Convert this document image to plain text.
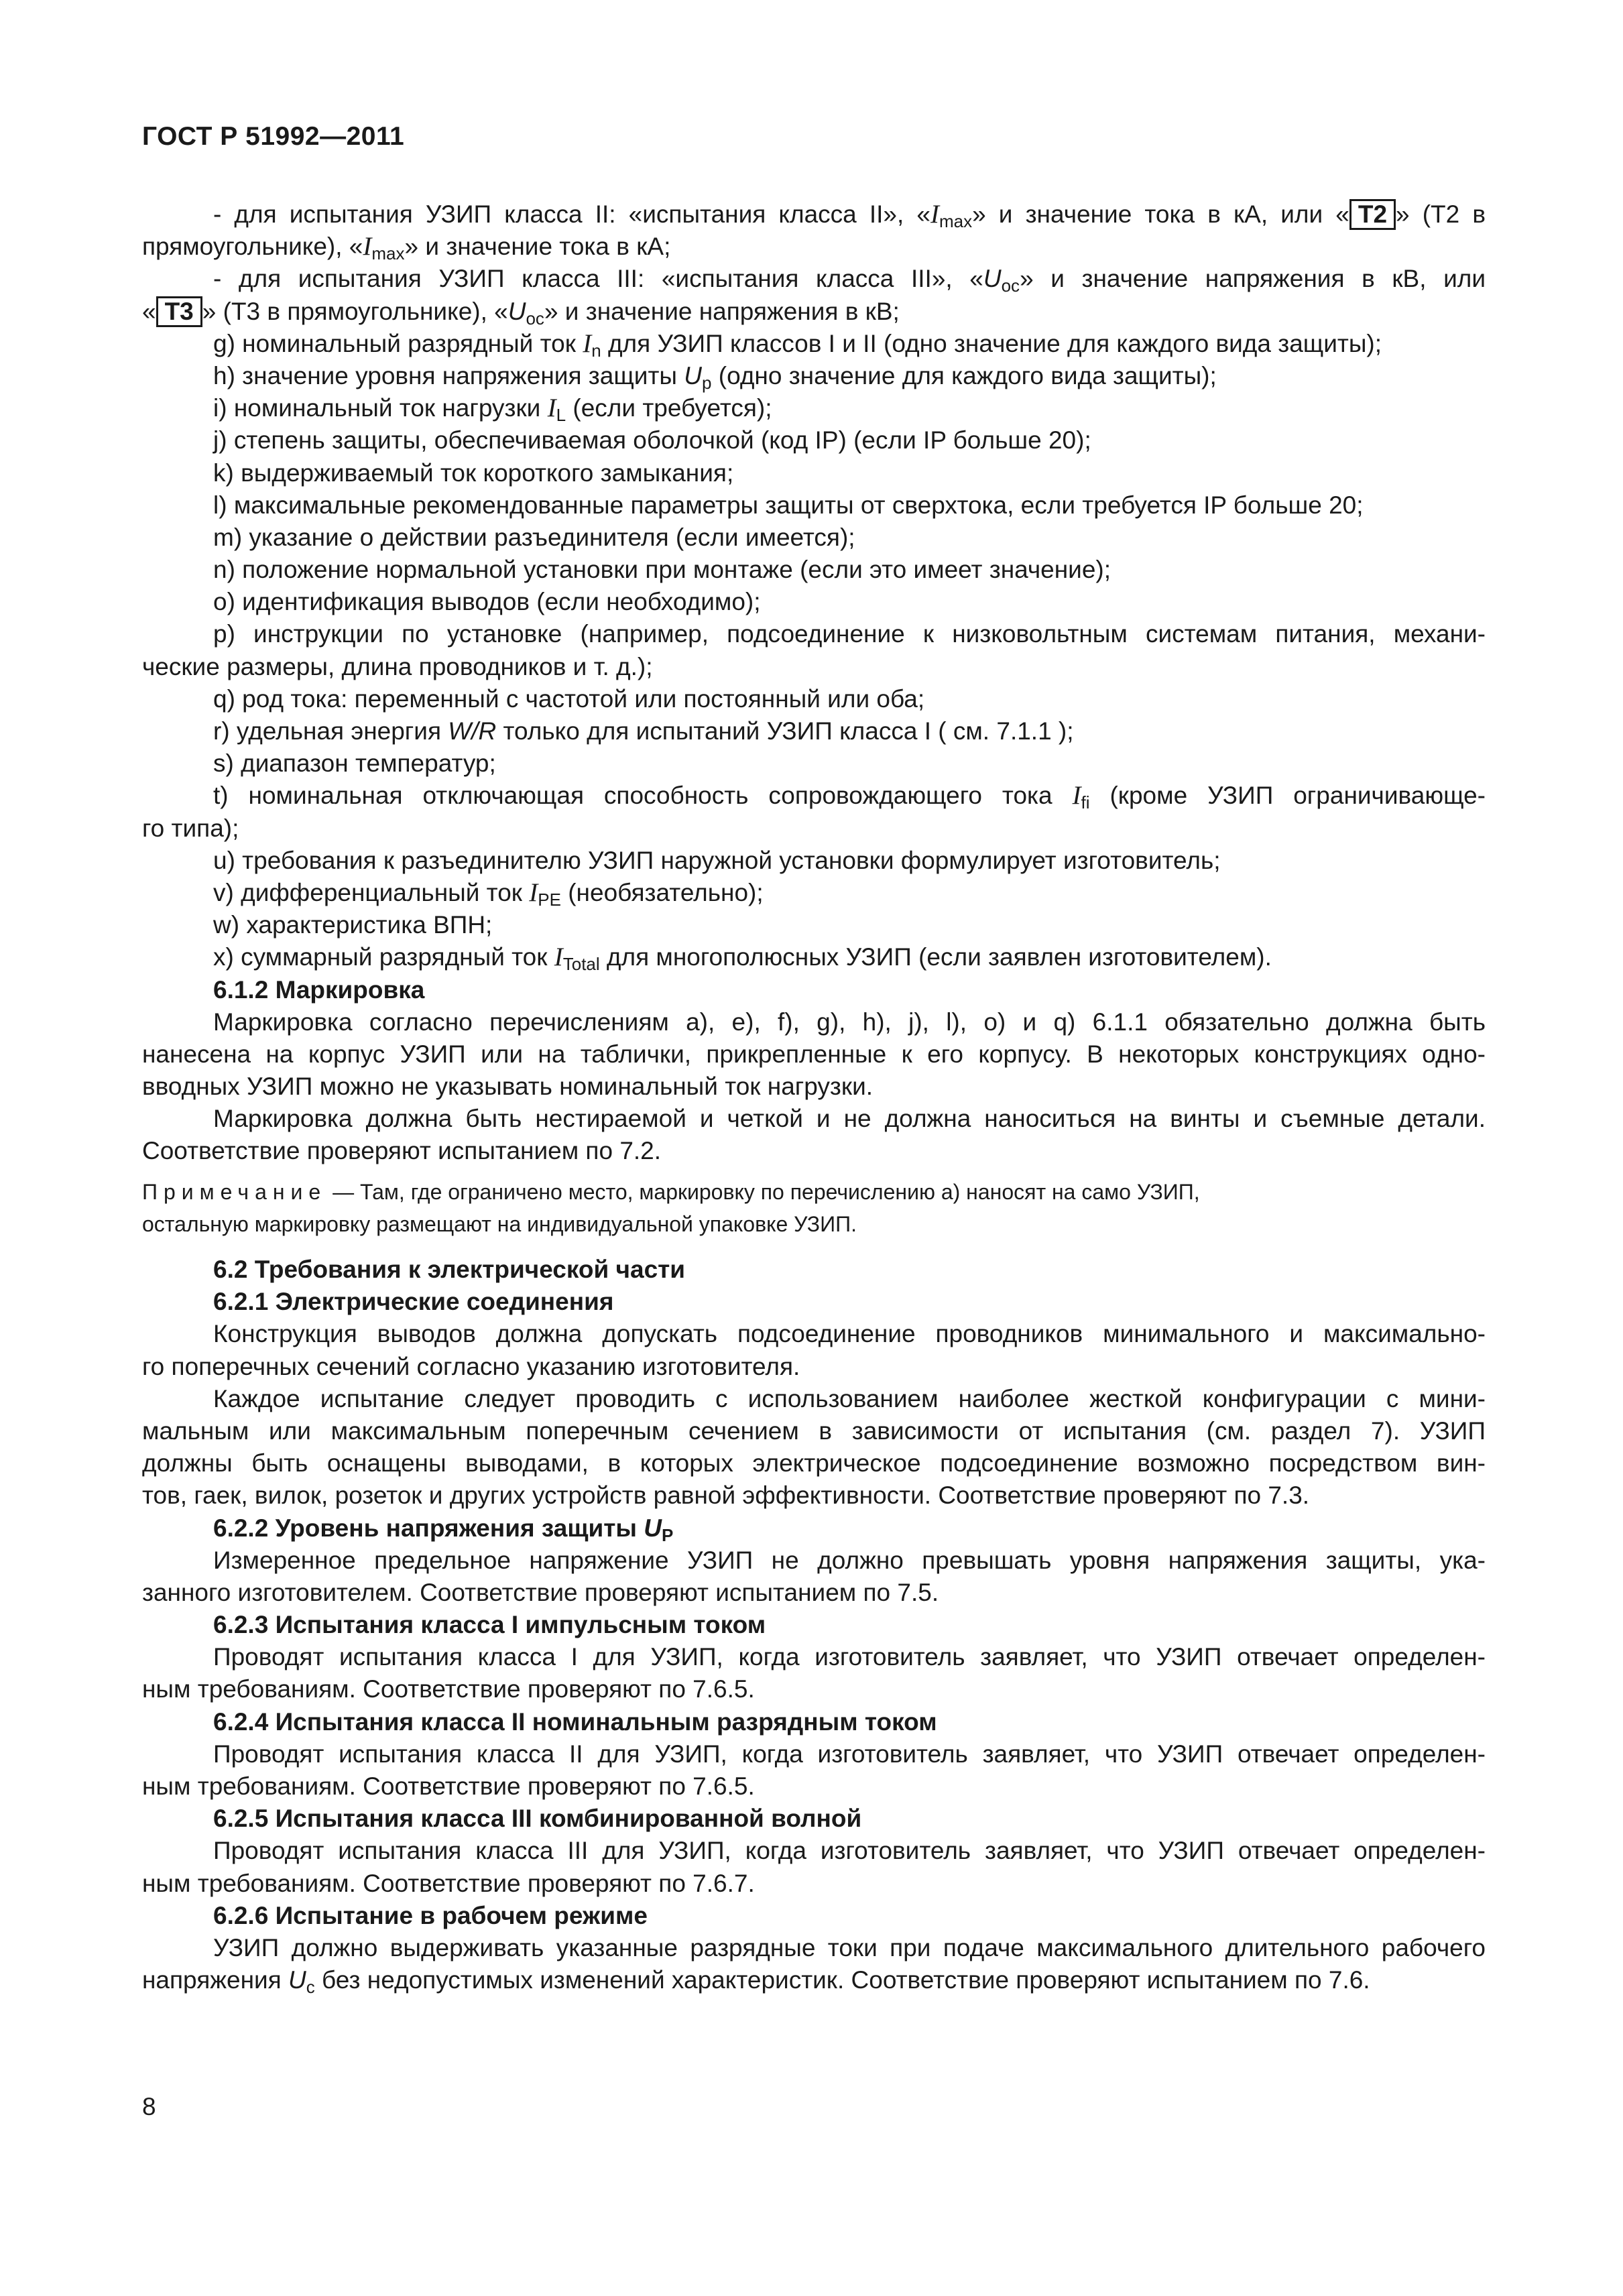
ГОСТ Р 51992—2011
- для испытания УЗИП класса II: «испытания класса II», «$I_{max}$» и значение тока в кА, или « T2 » (T2 в
прямоугольнике), «$I_{max}$» и значение тока в кА;
- для испытания УЗИП класса III: «испытания класса III», «$U_{oc}$» и значение напряжения в кВ, или
« T3 » (Т3 в прямоугольнике), «$U_{oc}$» и значение напряжения в кВ;
g) номинальный разрядный ток $I_n$ для УЗИП классов I и II (одно значение для каждого вида защиты);
h) значение уровня напряжения защиты $U_p$ (одно значение для каждого вида защиты);
i) номинальный ток нагрузки $I_L$ (если требуется);
j) степень защиты, обеспечиваемая оболочкой (код IP) (если IP больше 20);
k) выдерживаемый ток короткого замыкания;
l) максимальные рекомендованные параметры защиты от сверхтока, если требуется IP больше 20;
m) указание о действии разъединителя (если имеется);
n) положение нормальной установки при монтаже (если это имеет значение);
o) идентификация выводов (если необходимо);
p) инструкции по установке (например, подсоединение к низковольтным системам питания, механи-
ческие размеры, длина проводников и т. д.);
q) род тока: переменный с частотой или постоянный или оба;
r) удельная энергия W/R только для испытаний УЗИП класса I ( см. 7.1.1 );
s) диапазон температур;
t) номинальная отключающая способность сопровождающего тока $I_{fi}$ (кроме УЗИП ограничивающе-
го типа);
u) требования к разъединителю УЗИП наружной установки формулирует изготовитель;
v) дифференциальный ток $I_{PE}$ (необязательно);
w) характеристика ВПН;
x) суммарный разрядный ток $I_{Total}$ для многополюсных УЗИП (если заявлен изготовителем).
6.1.2 Маркировка
Маркировка согласно перечислениям а), е), f), g), h), j), l), o) и q) 6.1.1 обязательно должна быть
нанесена на корпус УЗИП или на таблички, прикрепленные к его корпусу. В некоторых конструкциях одно-
вводных УЗИП можно не указывать номинальный ток нагрузки.
Маркировка должна быть нестираемой и четкой и не должна наноситься на винты и съемные детали.
Соответствие проверяют испытанием по 7.2.
Примечание — Там, где ограничено место, маркировку по перечислению а) наносят на само УЗИП,
остальную маркировку размещают на индивидуальной упаковке УЗИП.
6.2 Требования к электрической части
6.2.1 Электрические соединения
Конструкция выводов должна допускать подсоединение проводников минимального и максимально-
го поперечных сечений согласно указанию изготовителя.
Каждое испытание следует проводить с использованием наиболее жесткой конфигурации с мини-
мальным или максимальным поперечным сечением в зависимости от испытания (см. раздел 7). УЗИП
должны быть оснащены выводами, в которых электрическое подсоединение возможно посредством вин-
тов, гаек, вилок, розеток и других устройств равной эффективности. Соответствие проверяют по 7.3.
6.2.2 Уровень напряжения защиты $U_P$
Измеренное предельное напряжение УЗИП не должно превышать уровня напряжения защиты, ука-
занного изготовителем. Соответствие проверяют испытанием по 7.5.
6.2.3 Испытания класса I импульсным током
Проводят испытания класса I для УЗИП, когда изготовитель заявляет, что УЗИП отвечает определен-
ным требованиям. Соответствие проверяют по 7.6.5.
6.2.4 Испытания класса II номинальным разрядным током
Проводят испытания класса II для УЗИП, когда изготовитель заявляет, что УЗИП отвечает определен-
ным требованиям. Соответствие проверяют по 7.6.5.
6.2.5 Испытания класса III комбинированной волной
Проводят испытания класса III для УЗИП, когда изготовитель заявляет, что УЗИП отвечает определен-
ным требованиям. Соответствие проверяют по 7.6.7.
6.2.6 Испытание в рабочем режиме
УЗИП должно выдерживать указанные разрядные токи при подаче максимального длительного рабочего
напряжения $U_c$ без недопустимых изменений характеристик. Соответствие проверяют испытанием по 7.6.
8
